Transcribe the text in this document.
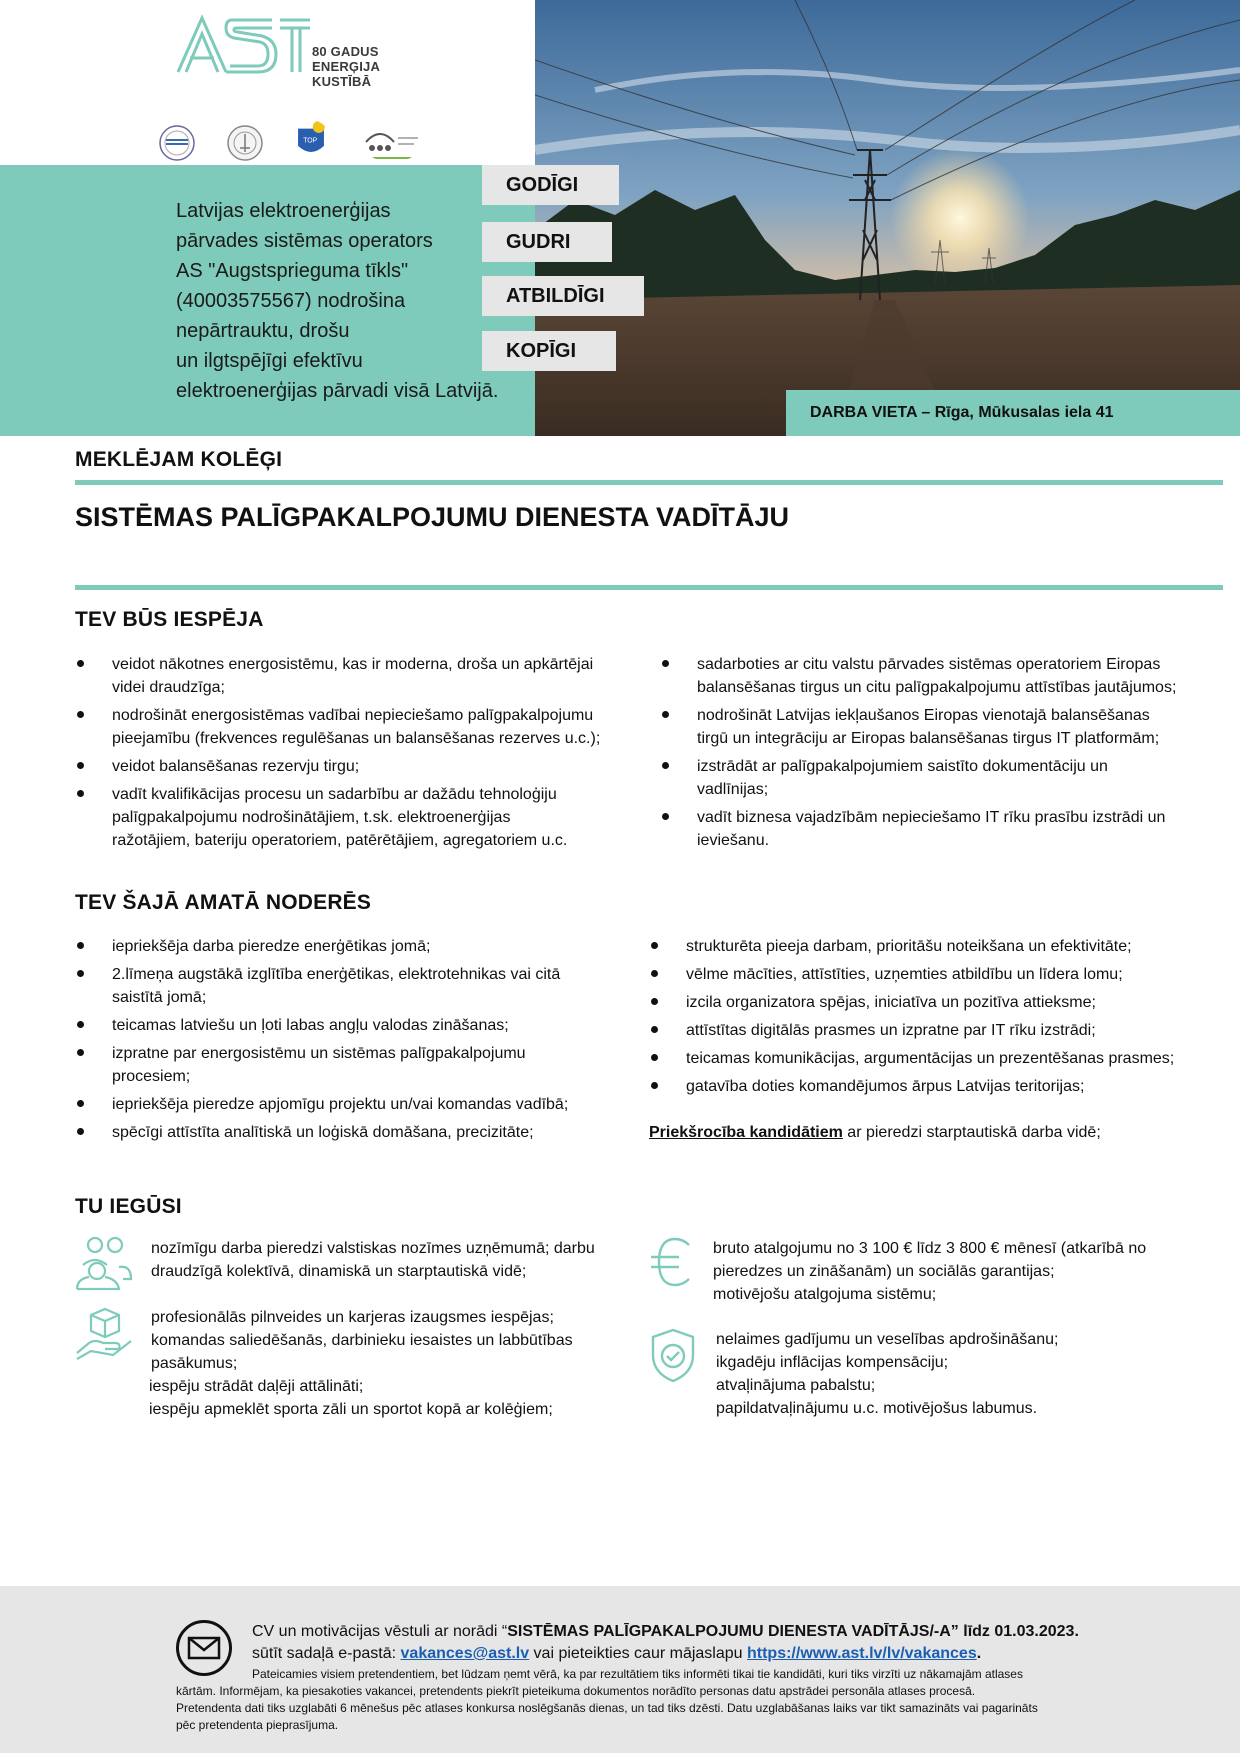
80 GADUS
ENERĢIJA
KUSTĪBĀ
TOP
Latvijas elektroenerģijas
pārvades sistēmas operators
AS "Augstsprieguma tīkls"
(40003575567) nodrošina
nepārtrauktu, drošu
un ilgtspējīgi efektīvu
elektroenerģijas pārvadi visā Latvijā.
GODĪGI
GUDRI
ATBILDĪGI
KOPĪGI
DARBA VIETA – Rīga, Mūkusalas iela 41
MEKLĒJAM KOLĒĢI
SISTĒMAS PALĪGPAKALPOJUMU DIENESTA VADĪTĀJU
TEV BŪS IESPĒJA
veidot nākotnes energosistēmu, kas ir moderna, droša un apkārtējai
videi draudzīga;
nodrošināt energosistēmas vadībai nepieciešamo palīgpakalpojumu
pieejamību (frekvences regulēšanas un balansēšanas rezerves u.c.);
veidot balansēšanas rezervju tirgu;
vadīt kvalifikācijas procesu un sadarbību ar dažādu tehnoloģiju
palīgpakalpojumu nodrošinātājiem, t.sk. elektroenerģijas
ražotājiem, bateriju operatoriem, patērētājiem, agregatoriem u.c.
sadarboties ar citu valstu pārvades sistēmas operatoriem Eiropas
balansēšanas tirgus un citu palīgpakalpojumu attīstības jautājumos;
nodrošināt Latvijas iekļaušanos Eiropas vienotajā balansēšanas
tirgū un integrāciju ar Eiropas balansēšanas tirgus IT platformām;
izstrādāt ar palīgpakalpojumiem saistīto dokumentāciju un
vadlīnijas;
vadīt biznesa vajadzībām nepieciešamo IT rīku prasību izstrādi un
ieviešanu.
TEV ŠAJĀ AMATĀ NODERĒS
iepriekšēja darba pieredze enerģētikas jomā;
2.līmeņa augstākā izglītība enerģētikas, elektrotehnikas vai citā
saistītā jomā;
teicamas latviešu un ļoti labas angļu valodas zināšanas;
izpratne par energosistēmu un sistēmas palīgpakalpojumu
procesiem;
iepriekšēja pieredze apjomīgu projektu un/vai komandas vadībā;
spēcīgi attīstīta analītiskā un loģiskā domāšana, precizitāte;
strukturēta pieeja darbam, prioritāšu noteikšana un efektivitāte;
vēlme mācīties, attīstīties, uzņemties atbildību un līdera lomu;
izcila organizatora spējas, iniciatīva un pozitīva attieksme;
attīstītas digitālās prasmes un izpratne par IT rīku izstrādi;
teicamas komunikācijas, argumentācijas un prezentēšanas prasmes;
gatavība doties komandējumos ārpus Latvijas teritorijas;
Priekšrocība kandidātiem ar pieredzi starptautiskā darba vidē;
TU IEGŪSI
nozīmīgu darba pieredzi valstiskas nozīmes uzņēmumā; darbu
draudzīgā kolektīvā, dinamiskā un starptautiskā vidē;
profesionālās pilnveides un karjeras izaugsmes iespējas;
komandas saliedēšanās, darbinieku iesaistes un labbūtības
pasākumus;
iespēju strādāt daļēji attālināti;
iespēju apmeklēt sporta zāli un sportot kopā ar kolēģiem;
bruto atalgojumu no 3 100 € līdz 3 800 € mēnesī (atkarībā no
pieredzes un zināšanām) un sociālās garantijas;
motivējošu atalgojuma sistēmu;
nelaimes gadījumu un veselības apdrošināšanu;
ikgadēju inflācijas kompensāciju;
atvaļinājuma pabalstu;
papildatvaļinājumu u.c. motivējošus labumus.
CV un motivācijas vēstuli ar norādi “SISTĒMAS PALĪGPAKALPOJUMU DIENESTA VADĪTĀJS/-A” līdz 01.03.2023.
sūtīt sadaļā e-pastā: vakances@ast.lv vai pieteikties caur mājaslapu https://www.ast.lv/lv/vakances.
Pateicamies visiem pretendentiem, bet lūdzam ņemt vērā, ka par rezultātiem tiks informēti tikai tie kandidāti, kuri tiks virzīti uz nākamajām atlases
kārtām. Informējam, ka piesakoties vakancei, pretendents piekrīt pieteikuma dokumentos norādīto personas datu apstrādei personāla atlases procesā.
Pretendenta dati tiks uzglabāti 6 mēnešus pēc atlases konkursa noslēgšanās dienas, un tad tiks dzēsti. Datu uzglabāšanas laiks var tikt samazināts vai pagarināts
pēc pretendenta pieprasījuma.
